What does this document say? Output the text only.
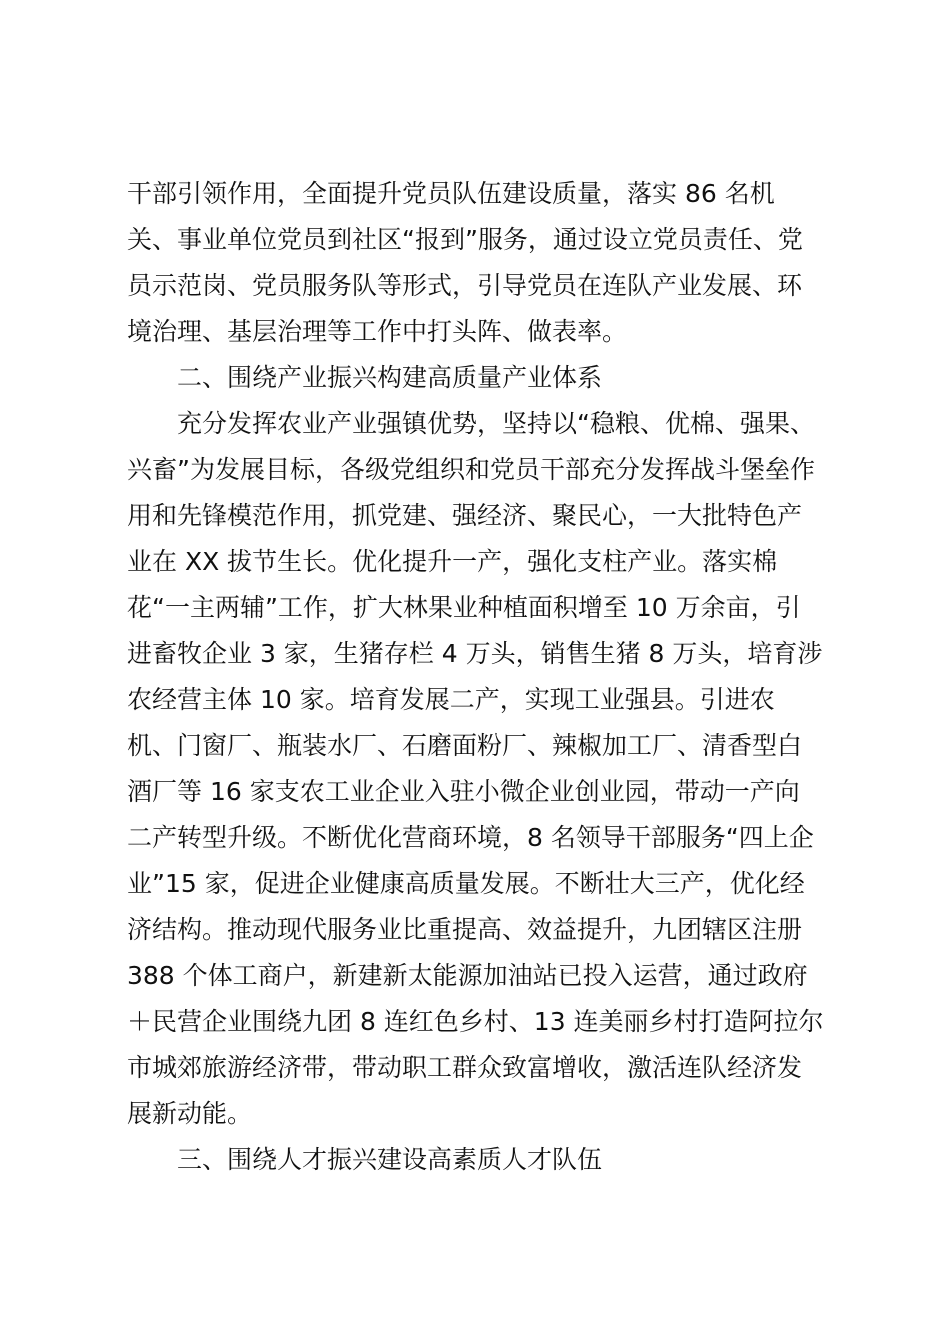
干部引领作用，全面提升党员队伍建设质量，落实 86 名机
关、事业单位党员到社区“报到”服务，通过设立党员责任、党
员示范岗、党员服务队等形式，引导党员在连队产业发展、环
境治理、基层治理等工作中打头阵、做表率。
二、围绕产业振兴构建高质量产业体系
充分发挥农业产业强镇优势，坚持以“稳粮、优棉、强果、
兴畜”为发展目标，各级党组织和党员干部充分发挥战斗堡垒作
用和先锋模范作用，抓党建、强经济、聚民心，一大批特色产
业在 XX 拔节生长。优化提升一产，强化支柱产业。落实棉
花“一主两辅”工作，扩大林果业种植面积增至 10 万余亩，引
进畜牧企业 3 家，生猪存栏 4 万头，销售生猪 8 万头，培育涉
农经营主体 10 家。培育发展二产，实现工业强县。引进农
机、门窗厂、瓶装水厂、石磨面粉厂、辣椒加工厂、清香型白
酒厂等 16 家支农工业企业入驻小微企业创业园，带动一产向
二产转型升级。不断优化营商环境，8 名领导干部服务“四上企
业”15 家，促进企业健康高质量发展。不断壮大三产，优化经
济结构。推动现代服务业比重提高、效益提升，九团辖区注册
388 个体工商户，新建新太能源加油站已投入运营，通过政府
＋民营企业围绕九团 8 连红色乡村、13 连美丽乡村打造阿拉尔
市城郊旅游经济带，带动职工群众致富增收，激活连队经济发
展新动能。
三、围绕人才振兴建设高素质人才队伍
